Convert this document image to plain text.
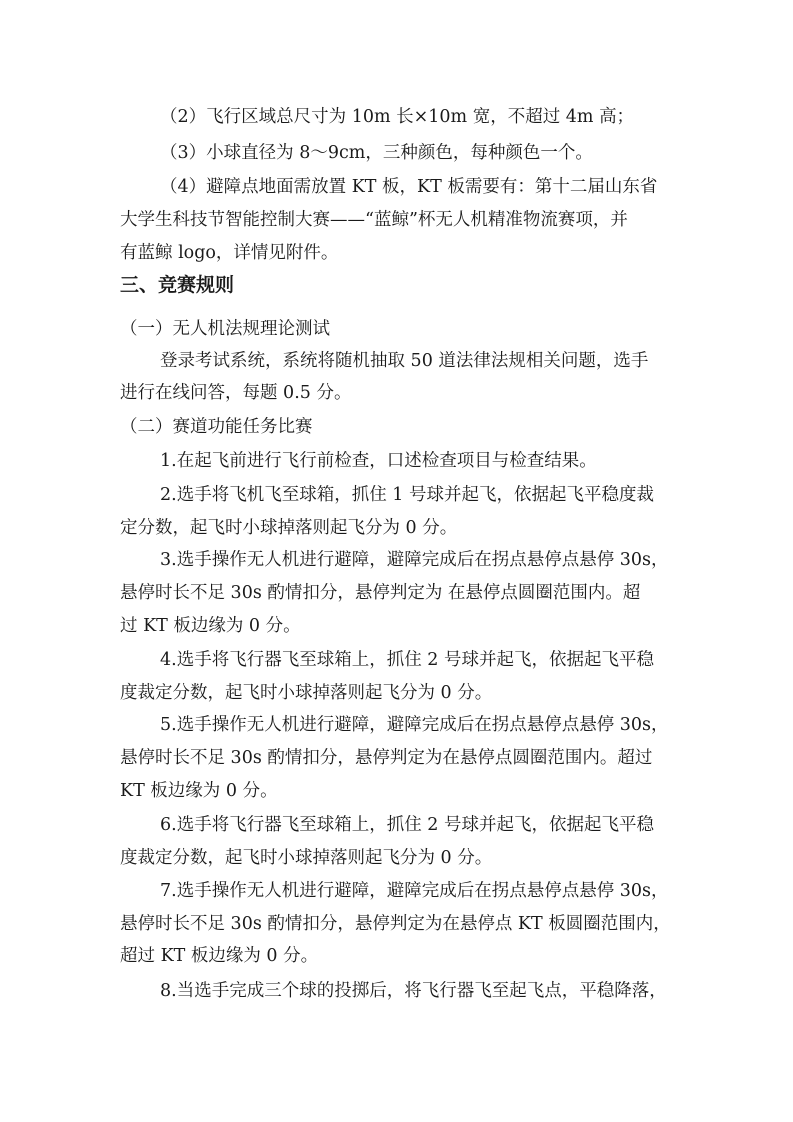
（2）飞行区域总尺寸为 10m 长×10m 宽，不超过 4m 高；
（3）小球直径为 8～9cm，三种颜色，每种颜色一个。
（4）避障点地面需放置 KT 板，KT 板需要有：第十二届山东省
大学生科技节智能控制大赛——“蓝鲸”杯无人机精准物流赛项，并
有蓝鲸 logo，详情见附件。
三、竞赛规则
（一）无人机法规理论测试
登录考试系统，系统将随机抽取 50 道法律法规相关问题，选手
进行在线问答，每题 0.5 分。
（二）赛道功能任务比赛
1.在起飞前进行飞行前检查，口述检查项目与检查结果。
2.选手将飞机飞至球箱，抓住 1 号球并起飞，依据起飞平稳度裁
定分数，起飞时小球掉落则起飞分为 0 分。
3.选手操作无人机进行避障，避障完成后在拐点悬停点悬停 30s，
悬停时长不足 30s 酌情扣分，悬停判定为 在悬停点圆圈范围内。超
过 KT 板边缘为 0 分。
4.选手将飞行器飞至球箱上，抓住 2 号球并起飞，依据起飞平稳
度裁定分数，起飞时小球掉落则起飞分为 0 分。
5.选手操作无人机进行避障，避障完成后在拐点悬停点悬停 30s，
悬停时长不足 30s 酌情扣分，悬停判定为在悬停点圆圈范围内。超过
KT 板边缘为 0 分。
6.选手将飞行器飞至球箱上，抓住 2 号球并起飞，依据起飞平稳
度裁定分数，起飞时小球掉落则起飞分为 0 分。
7.选手操作无人机进行避障，避障完成后在拐点悬停点悬停 30s，
悬停时长不足 30s 酌情扣分，悬停判定为在悬停点 KT 板圆圈范围内，
超过 KT 板边缘为 0 分。
8.当选手完成三个球的投掷后，将飞行器飞至起飞点，平稳降落，
